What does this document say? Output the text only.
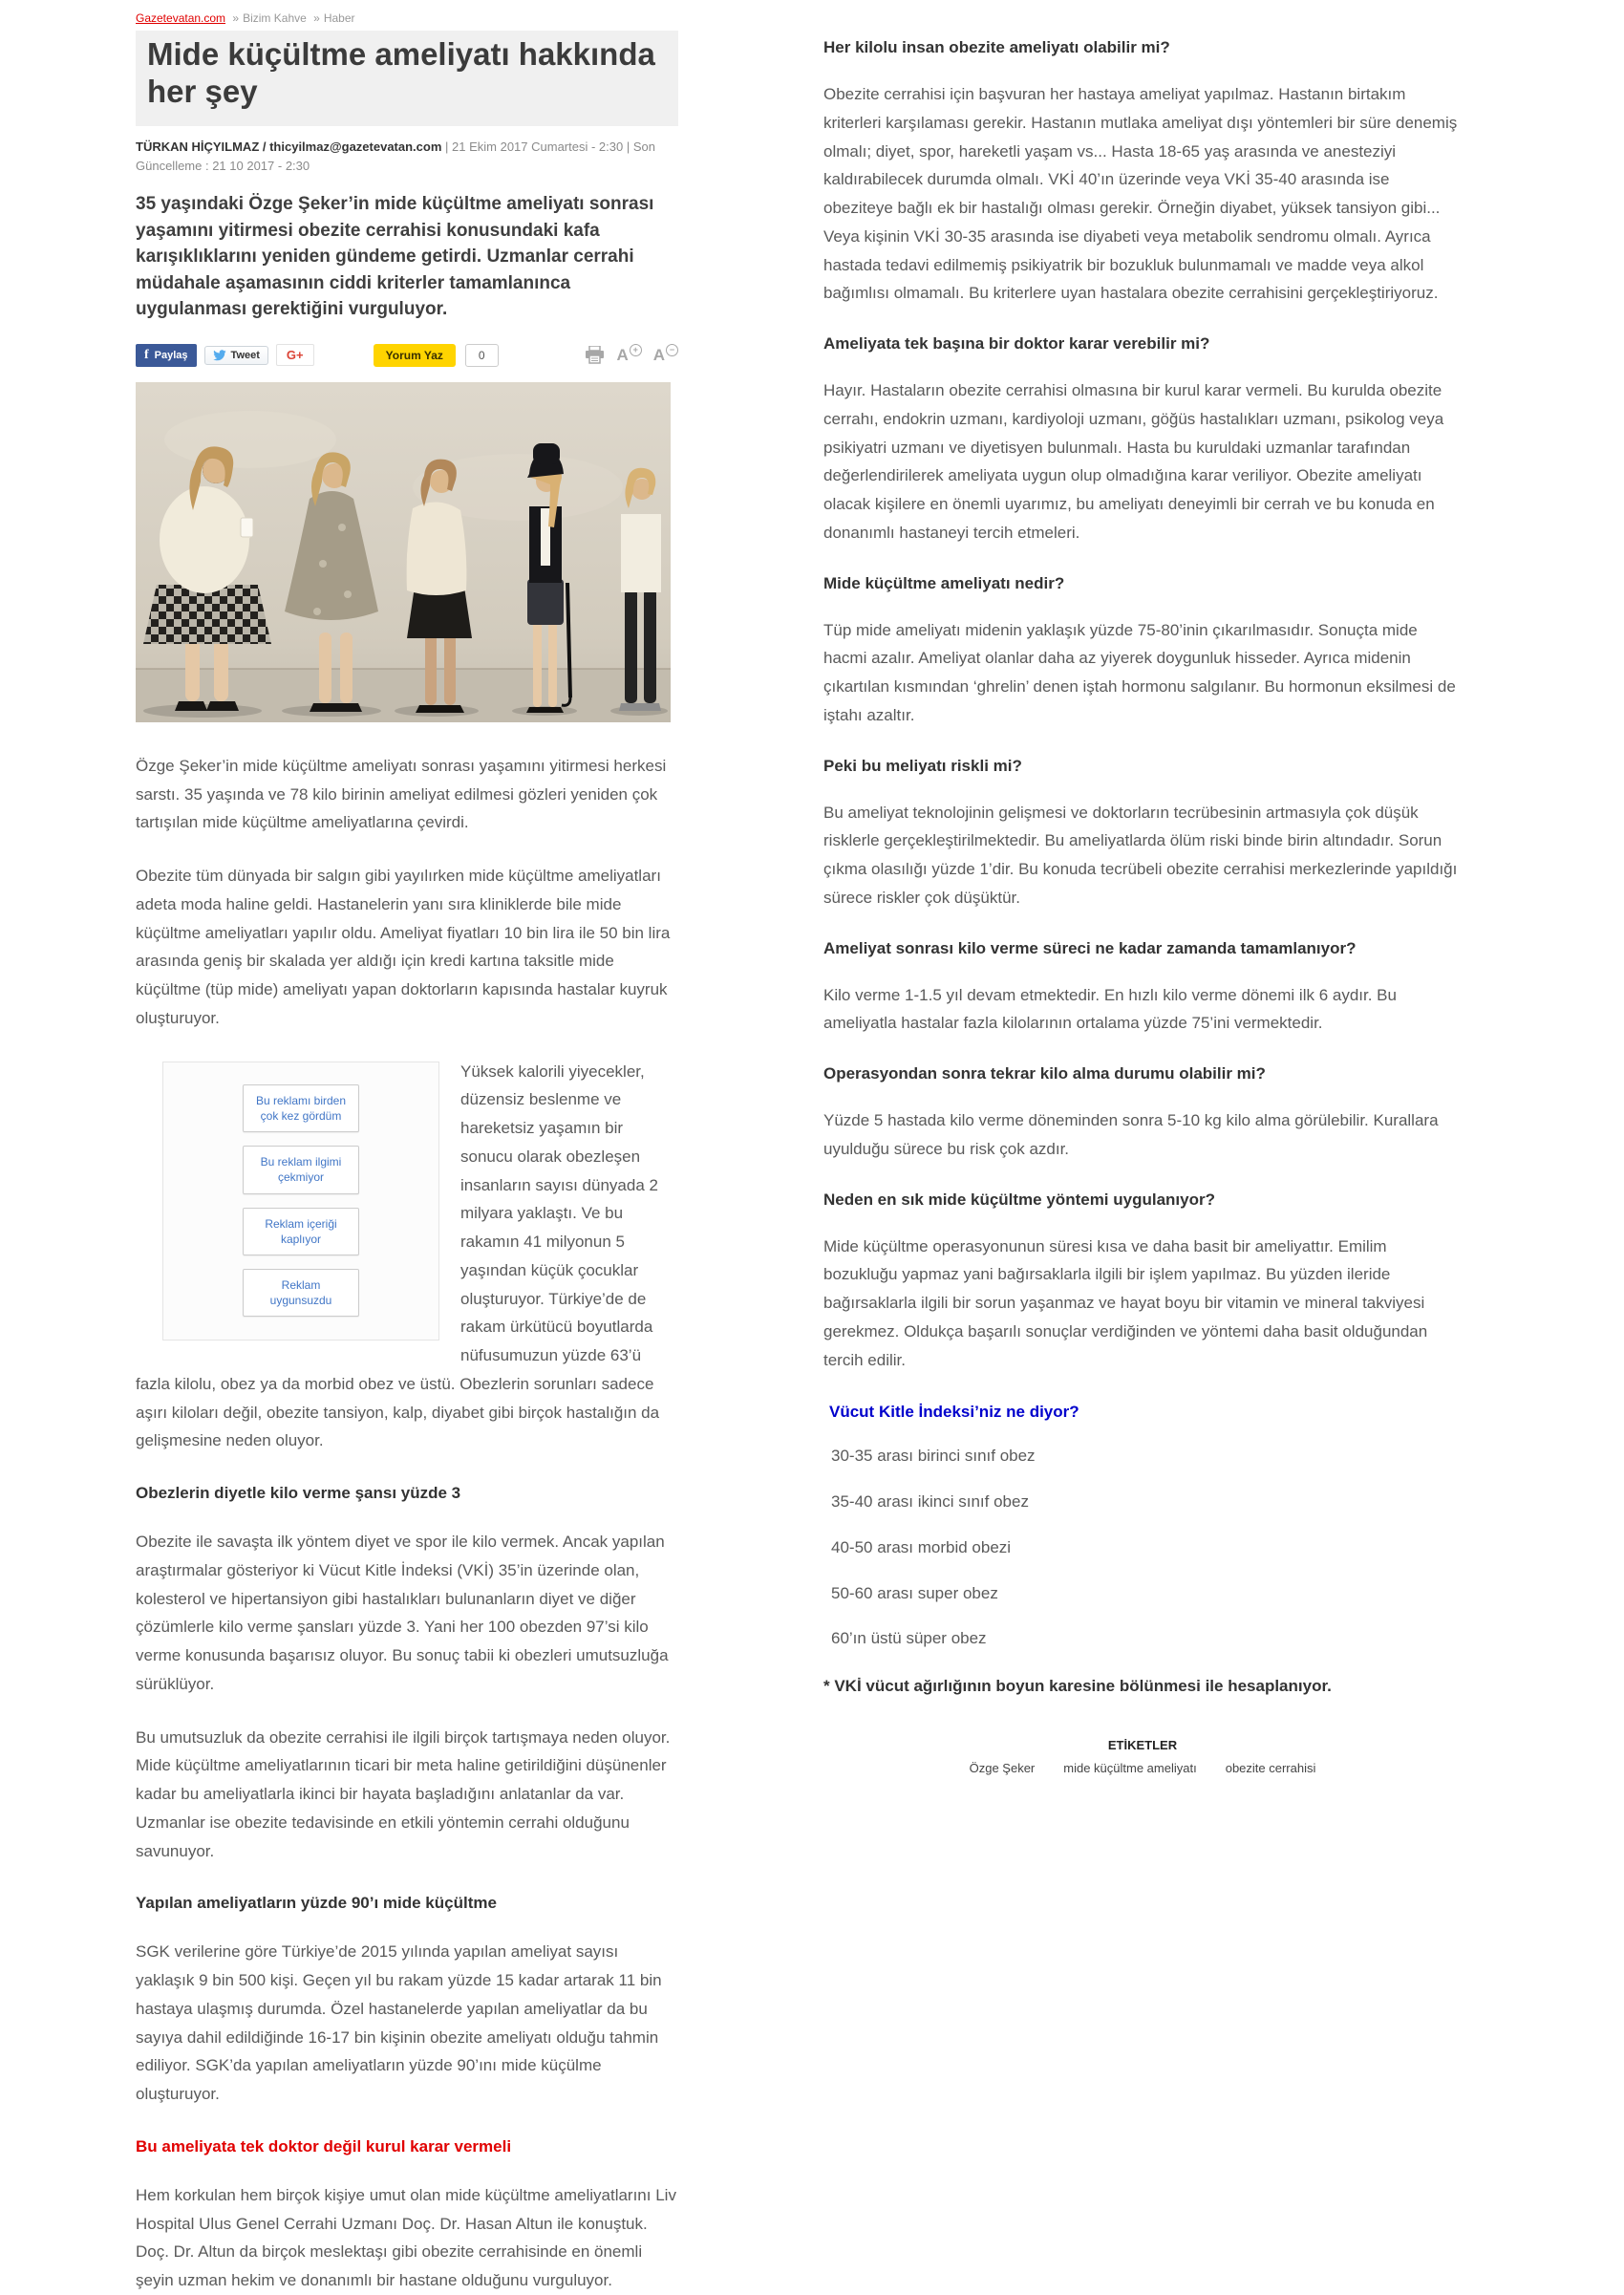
Gazetevatan.com » Bizim Kahve » Haber
Mide küçültme ameliyatı hakkında her şey
TÜRKAN HİÇYILMAZ / thicyilmaz@gazetevatan.com | 21 Ekim 2017 Cumartesi - 2:30 | Son Güncelleme : 21 10 2017 - 2:30
35 yaşındaki Özge Şeker’in mide küçültme ameliyatı sonrası yaşamını yitirmesi obezite cerrahisi konusundaki kafa karışıklıklarını yeniden gündeme getirdi. Uzmanlar cerrahi müdahale aşamasının ciddi kriterler tamamlanınca uygulanması gerektiğini vurguluyor.
f Paylaş	Tweet G+	Yorum Yaz	0	A + A −

Özge Şeker’in mide küçültme ameliyatı sonrası yaşamını yitirmesi herkesi sarstı. 35 yaşında ve 78 kilo birinin ameliyat edilmesi gözleri yeniden çok tartışılan mide küçültme ameliyatlarına çevirdi.

Obezite tüm dünyada bir salgın gibi yayılırken mide küçültme ameliyatları adeta moda haline geldi. Hastanelerin yanı sıra kliniklerde bile mide küçültme ameliyatları yapılır oldu. Ameliyat fiyatları 10 bin lira ile 50 bin lira arasında geniş bir skalada yer aldığı için kredi kartına taksitle mide küçültme (tüp mide) ameliyatı yapan doktorların kapısında hastalar kuyruk oluşturuyor.

Bu reklamı birden çok kez gördüm
Bu reklam ilgimi çekmiyor
Reklam içeriği kaplıyor
Reklam uygunsuzdu

Yüksek kalorili yiyecekler, düzensiz beslenme ve hareketsiz yaşamın bir sonucu olarak obezleşen insanların sayısı dünyada 2 milyara yaklaştı. Ve bu rakamın 41 milyonun 5 yaşından küçük çocuklar oluşturuyor. Türkiye’de de rakam ürkütücü boyutlarda nüfusumuzun yüzde 63’ü fazla kilolu, obez ya da morbid obez ve üstü. Obezlerin sorunları sadece aşırı kiloları değil, obezite tansiyon, kalp, diyabet gibi birçok hastalığın da gelişmesine neden oluyor.

Obezlerin diyetle kilo verme şansı yüzde 3

Obezite ile savaşta ilk yöntem diyet ve spor ile kilo vermek. Ancak yapılan araştırmalar gösteriyor ki Vücut Kitle İndeksi (VKİ) 35’in üzerinde olan, kolesterol ve hipertansiyon gibi hastalıkları bulunanların diyet ve diğer çözümlerle kilo verme şansları yüzde 3. Yani her 100 obezden 97’si kilo verme konusunda başarısız oluyor. Bu sonuç tabii ki obezleri umutsuzluğa sürüklüyor.

Bu umutsuzluk da obezite cerrahisi ile ilgili birçok tartışmaya neden oluyor. Mide küçültme ameliyatlarının ticari bir meta haline getirildiğini düşünenler kadar bu ameliyatlarla ikinci bir hayata başladığını anlatanlar da var. Uzmanlar ise obezite tedavisinde en etkili yöntemin cerrahi olduğunu savunuyor.

Yapılan ameliyatların yüzde 90’ı mide küçültme

SGK verilerine göre Türkiye’de 2015 yılında yapılan ameliyat sayısı yaklaşık 9 bin 500 kişi. Geçen yıl bu rakam yüzde 15 kadar artarak 11 bin hastaya ulaşmış durumda. Özel hastanelerde yapılan ameliyatlar da bu sayıya dahil edildiğinde 16-17 bin kişinin obezite ameliyatı olduğu tahmin ediliyor. SGK’da yapılan ameliyatların yüzde 90’ını mide küçülme oluşturuyor.

Bu ameliyata tek doktor değil kurul karar vermeli

Hem korkulan hem birçok kişiye umut olan mide küçültme ameliyatlarını Liv Hospital Ulus Genel Cerrahi Uzmanı Doç. Dr. Hasan Altun ile konuştuk. Doç. Dr. Altun da birçok meslektaşı gibi obezite cerrahisinde en önemli şeyin uzman hekim ve donanımlı bir hastane olduğunu vurguluyor.

Her kilolu insan obezite ameliyatı olabilir mi?

Obezite cerrahisi için başvuran her hastaya ameliyat yapılmaz. Hastanın birtakım kriterleri karşılaması gerekir. Hastanın mutlaka ameliyat dışı yöntemleri bir süre denemiş olmalı; diyet, spor, hareketli yaşam vs... Hasta 18-65 yaş arasında ve anesteziyi kaldırabilecek durumda olmalı. VKİ 40’ın üzerinde veya VKİ 35-40 arasında ise obeziteye bağlı ek bir hastalığı olması gerekir. Örneğin diyabet, yüksek tansiyon gibi... Veya kişinin VKİ 30-35 arasında ise diyabeti veya metabolik sendromu olmalı. Ayrıca hastada tedavi edilmemiş psikiyatrik bir bozukluk bulunmamalı ve madde veya alkol bağımlısı olmamalı. Bu kriterlere uyan hastalara obezite cerrahisini gerçekleştiriyoruz.

Ameliyata tek başına bir doktor karar verebilir mi?

Hayır. Hastaların obezite cerrahisi olmasına bir kurul karar vermeli. Bu kurulda obezite cerrahı, endokrin uzmanı, kardiyoloji uzmanı, göğüs hastalıkları uzmanı, psikolog veya psikiyatri uzmanı ve diyetisyen bulunmalı. Hasta bu kuruldaki uzmanlar tarafından değerlendirilerek ameliyata uygun olup olmadığına karar veriliyor. Obezite ameliyatı olacak kişilere en önemli uyarımız, bu ameliyatı deneyimli bir cerrah ve bu konuda en donanımlı hastaneyi tercih etmeleri.

Mide küçültme ameliyatı nedir?

Tüp mide ameliyatı midenin yaklaşık yüzde 75-80’inin çıkarılmasıdır. Sonuçta mide hacmi azalır. Ameliyat olanlar daha az yiyerek doygunluk hisseder. Ayrıca midenin çıkartılan kısmından ‘ghrelin’ denen iştah hormonu salgılanır. Bu hormonun eksilmesi de iştahı azaltır.

Peki bu meliyatı riskli mi?

Bu ameliyat teknolojinin gelişmesi ve doktorların tecrübesinin artmasıyla çok düşük risklerle gerçekleştirilmektedir. Bu ameliyatlarda ölüm riski binde birin altındadır. Sorun çıkma olasılığı yüzde 1’dir. Bu konuda tecrübeli obezite cerrahisi merkezlerinde yapıldığı sürece riskler çok düşüktür.

Ameliyat sonrası kilo verme süreci ne kadar zamanda tamamlanıyor?

Kilo verme 1-1.5 yıl devam etmektedir. En hızlı kilo verme dönemi ilk 6 aydır. Bu ameliyatla hastalar fazla kilolarının ortalama yüzde 75’ini vermektedir.

Operasyondan sonra tekrar kilo alma durumu olabilir mi?

Yüzde 5 hastada kilo verme döneminden sonra 5-10 kg kilo alma görülebilir. Kurallara uyulduğu sürece bu risk çok azdır.

Neden en sık mide küçültme yöntemi uygulanıyor?

Mide küçültme operasyonunun süresi kısa ve daha basit bir ameliyattır. Emilim bozukluğu yapmaz yani bağırsaklarla ilgili bir işlem yapılmaz. Bu yüzden ileride bağırsaklarla ilgili bir sorun yaşanmaz ve hayat boyu bir vitamin ve mineral takviyesi gerekmez. Oldukça başarılı sonuçlar verdiğinden ve yöntemi daha basit olduğundan tercih edilir.

Vücut Kitle İndeksi’niz ne diyor?

30-35 arası birinci sınıf obez

35-40 arası ikinci sınıf obez

40-50 arası morbid obezi

50-60 arası super obez

60’ın üstü süper obez

* VKİ vücut ağırlığının boyun karesine bölünmesi ile hesaplanıyor.
ETİKETLER
Özge Şeker mide küçültme ameliyatı obezite cerrahisi
